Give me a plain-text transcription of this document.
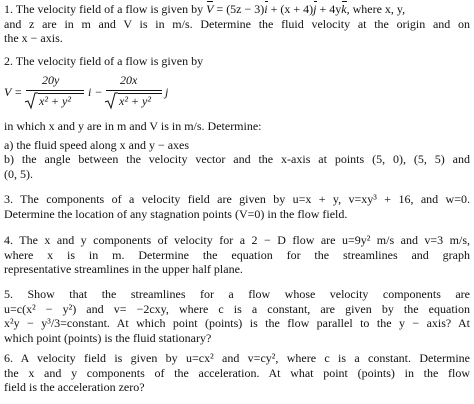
1. The velocity field of a flow is given by V = (5z − 3)i + (x + 4)j + 4yk, where x, y,
and z are in m and V is in m/s. Determine the fluid velocity at the origin and on
the x − axis.
2. The velocity field of a flow is given by
V =
20y
x² + y²
i −
20x
x² + y²
j
in which x and y are in m and V is in m/s. Determine:
a) the fluid speed along x and y − axes
b) the angle between the velocity vector and the x-axis at points (5, 0), (5, 5) and
(0, 5).
3. The components of a velocity field are given by u=x + y, v=xy³ + 16, and w=0.
Determine the location of any stagnation points (V=0) in the flow field.
4. The x and y components of velocity for a 2 − D flow are u=9y² m/s and v=3 m/s,
where x is in m. Determine the equation for the streamlines and graph
representative streamlines in the upper half plane.
5. Show that the streamlines for a flow whose velocity components are
u=c(x² − y²) and v= −2cxy, where c is a constant, are given by the equation
x²y − y³/3=constant. At which point (points) is the flow parallel to the y − axis? At
which point (points) is the fluid stationary?
6. A velocity field is given by u=cx² and v=cy², where c is a constant. Determine
the x and y components of the acceleration. At what point (points) in the flow
field is the acceleration zero?
